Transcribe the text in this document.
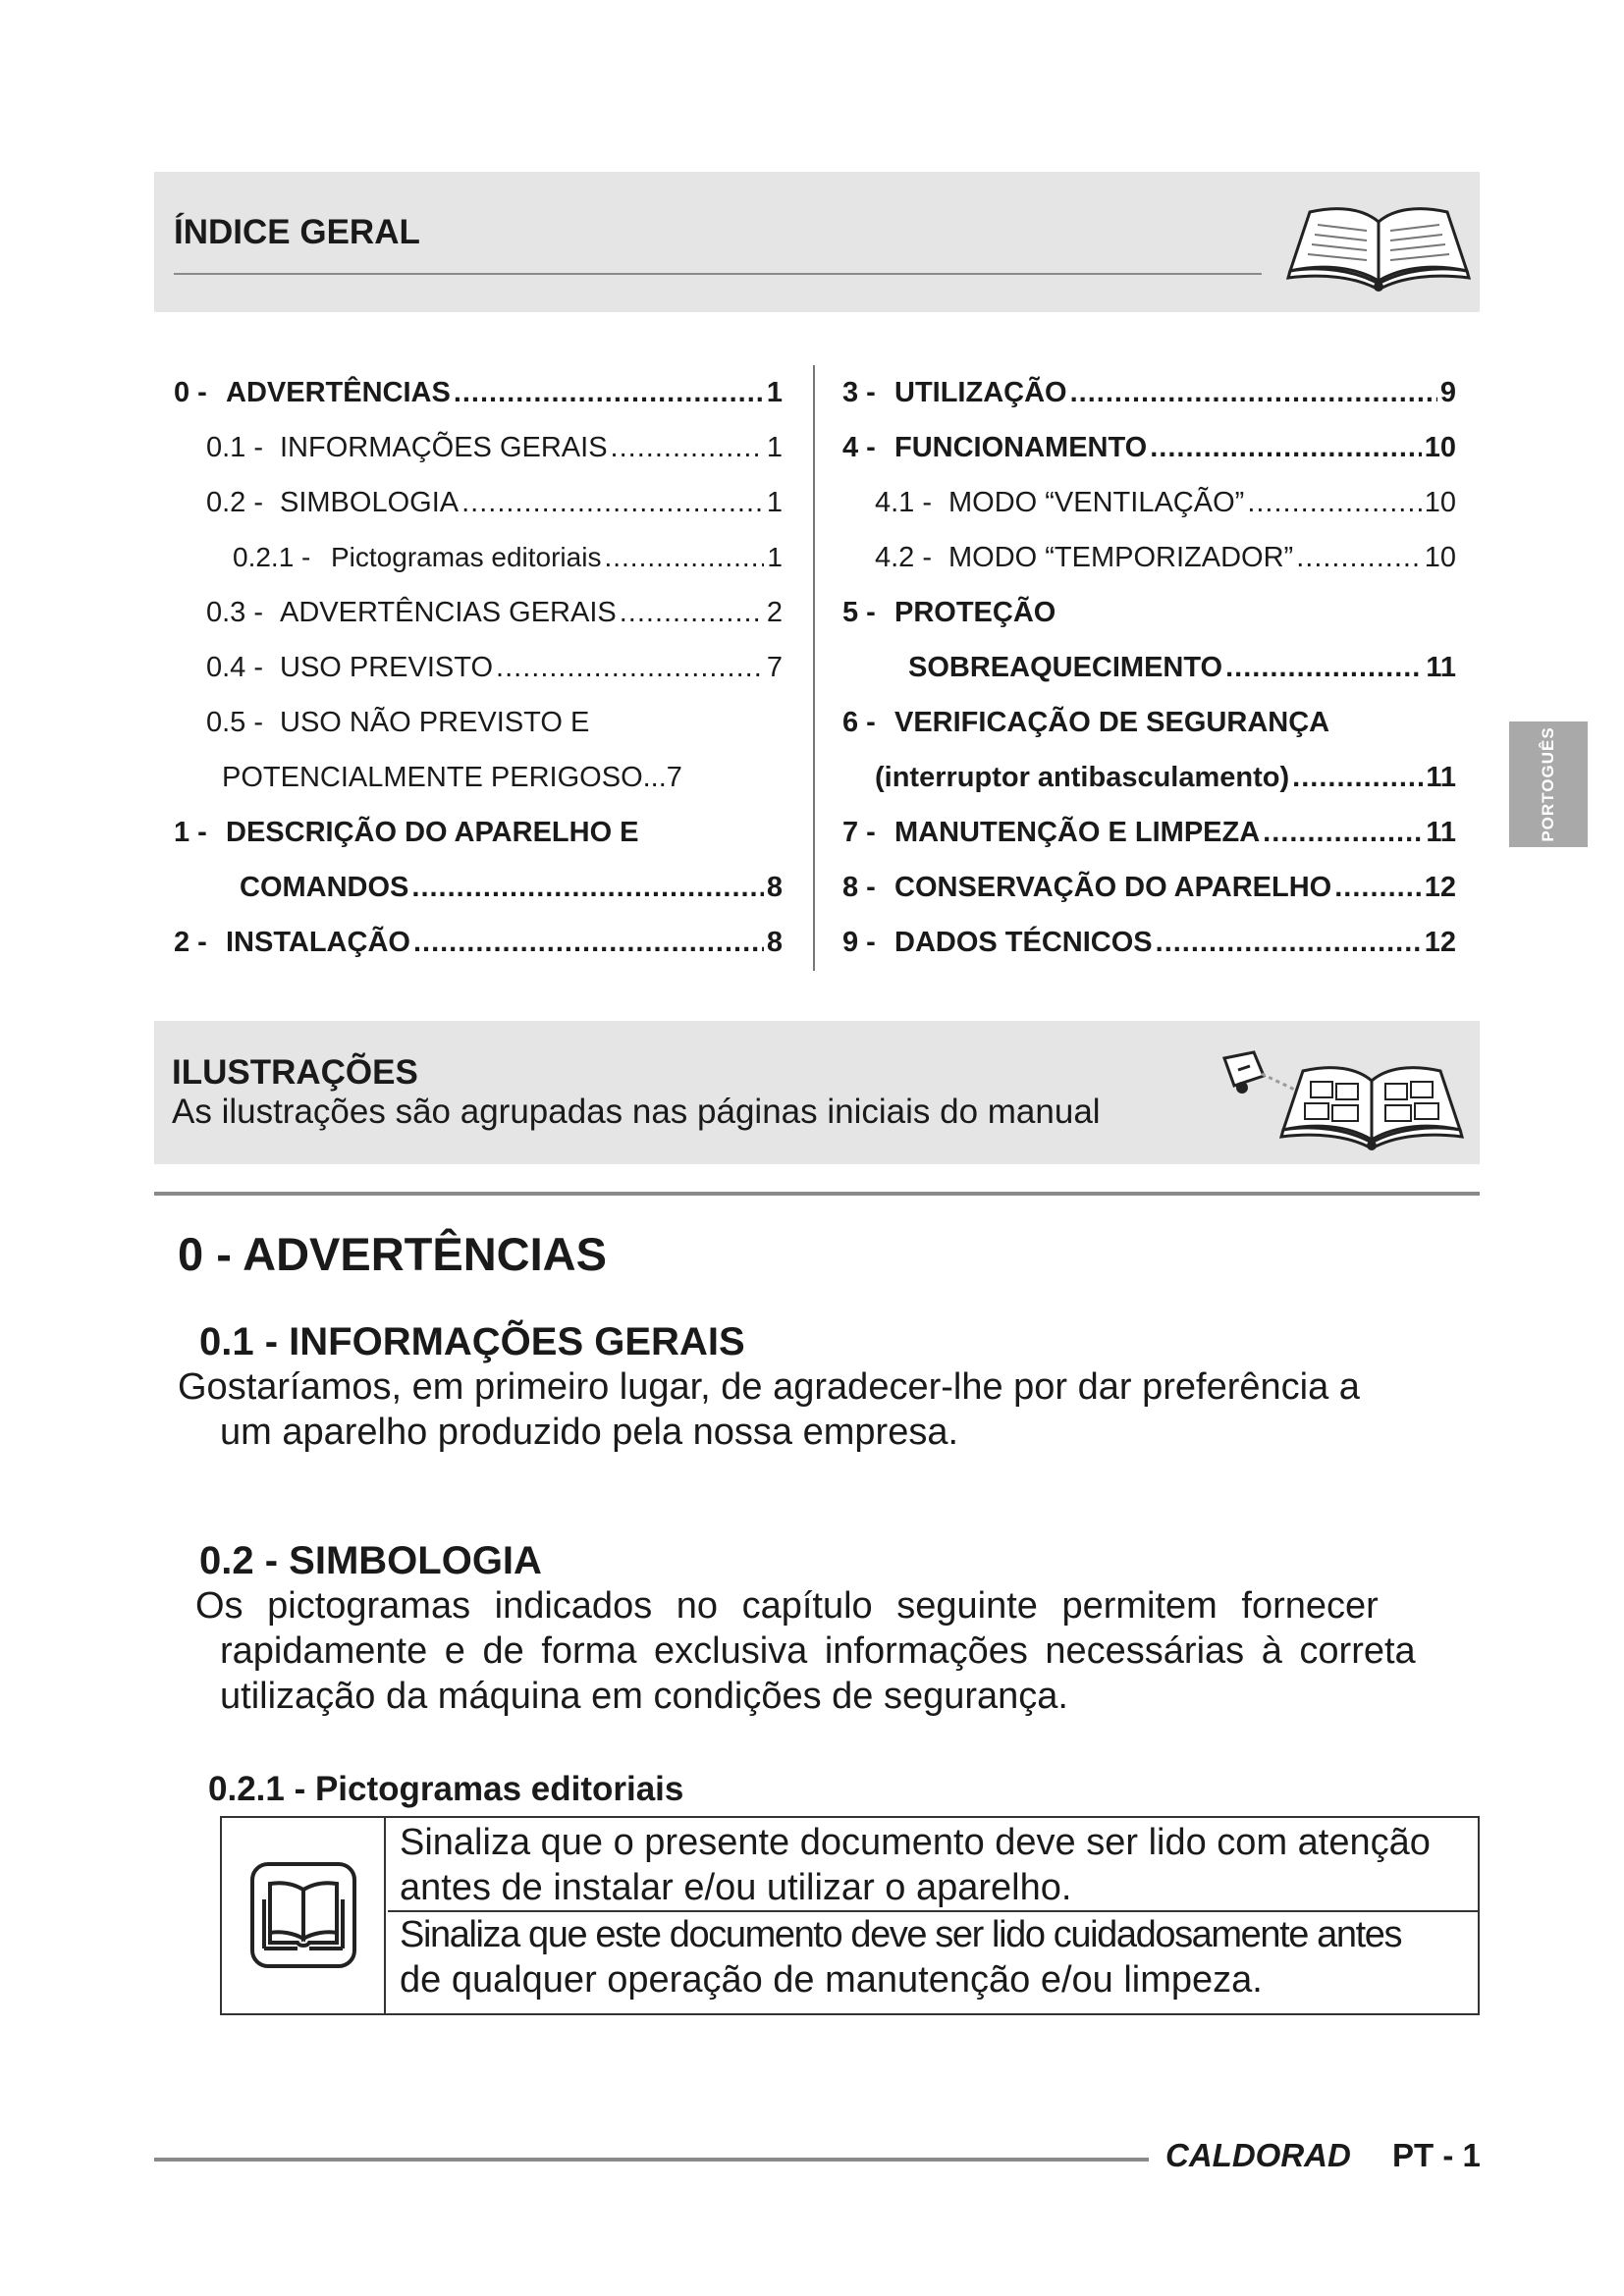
ÍNDICE GERAL
0 - ADVERTÊNCIAS .....	1
0.1 - INFORMAÇÕES GERAIS .....	1
0.2 - SIMBOLOGIA .....	1
0.2.1 - Pictogramas editoriais .....	1
0.3 - ADVERTÊNCIAS GERAIS .....	2
0.4 - USO PREVISTO .....	7
0.5 - USO NÃO PREVISTO E
POTENCIALMENTE PERIGOSO...7
1 - DESCRIÇÃO DO APARELHO E
COMANDOS .....	8
2 - INSTALAÇÃO .....	8
3 - UTILIZAÇÃO .....	9
4 - FUNCIONAMENTO .....	10
4.1 - MODO “VENTILAÇÃO” .....	10
4.2 - MODO “TEMPORIZADOR” .....	10
5 - PROTEÇÃO
SOBREAQUECIMENTO .....	11
6 - VERIFICAÇÃO DE SEGURANÇA
(interruptor antibasculamento) .....	11
7 - MANUTENÇÃO E LIMPEZA .....	11
8 - CONSERVAÇÃO DO APARELHO .....	12
9 - DADOS TÉCNICOS .....	12
PORTOGUÊS
ILUSTRAÇÕES
As ilustrações são agrupadas nas páginas iniciais do manual
0 - ADVERTÊNCIAS
0.1 - INFORMAÇÕES GERAIS
Gostaríamos, em primeiro lugar, de agradecer-lhe por dar preferência a
um aparelho produzido pela nossa empresa.
0.2 - SIMBOLOGIA
Os pictogramas indicados no capítulo seguinte permitem fornecer
rapidamente e de forma exclusiva informações necessárias à correta
utilização da máquina em condições de segurança.
0.2.1 - Pictogramas editoriais
Sinaliza que o presente documento deve ser lido com atenção
antes de instalar e/ou utilizar o aparelho.
Sinaliza que este documento deve ser lido cuidadosamente antes
de qualquer operação de manutenção e/ou limpeza.
CALDORAD PT - 1
